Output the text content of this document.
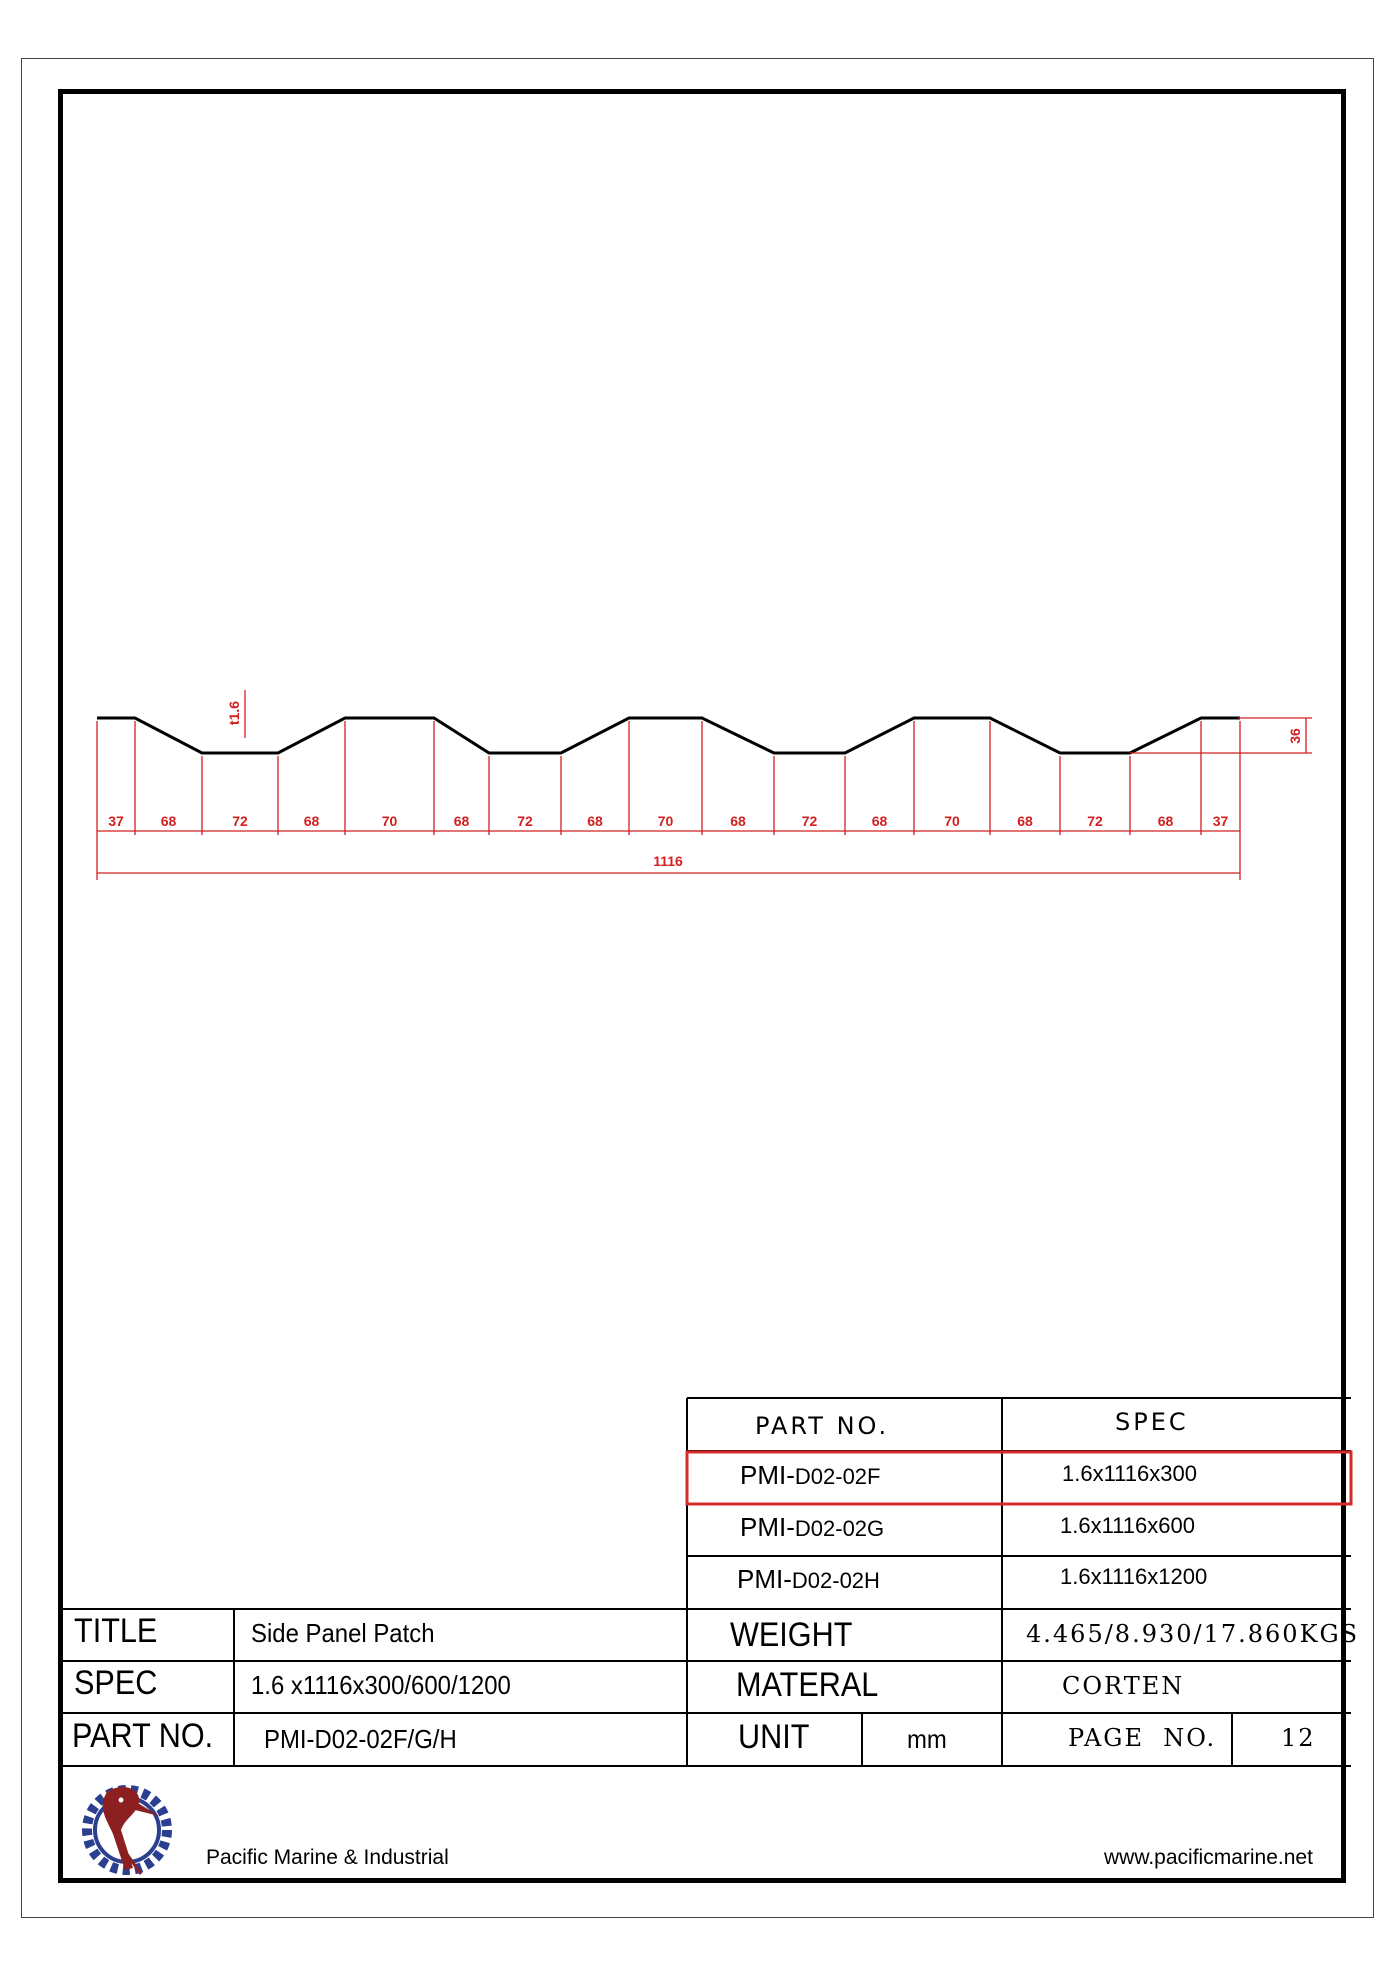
t1.6
36
1116
37	68	72	68	70	68	72	68	70	68	72	68	70	68	72	68	37
PART NO.	SPEC
PMI-D02-02F	1.6x1116x300
PMI-D02-02G	1.6x1116x600
PMI-D02-02H	1.6x1116x1200
TITLE	Side Panel Patch
SPEC	1.6 x1116x300/600/1200
PART NO. PMI-D02-02F/G/H
WEIGHT	4.465/8.930/17.860KGS
MATERAL	CORTEN
UNIT	mm	PAGE  NO.	12
Pacific Marine & Industrial	www.pacificmarine.net
